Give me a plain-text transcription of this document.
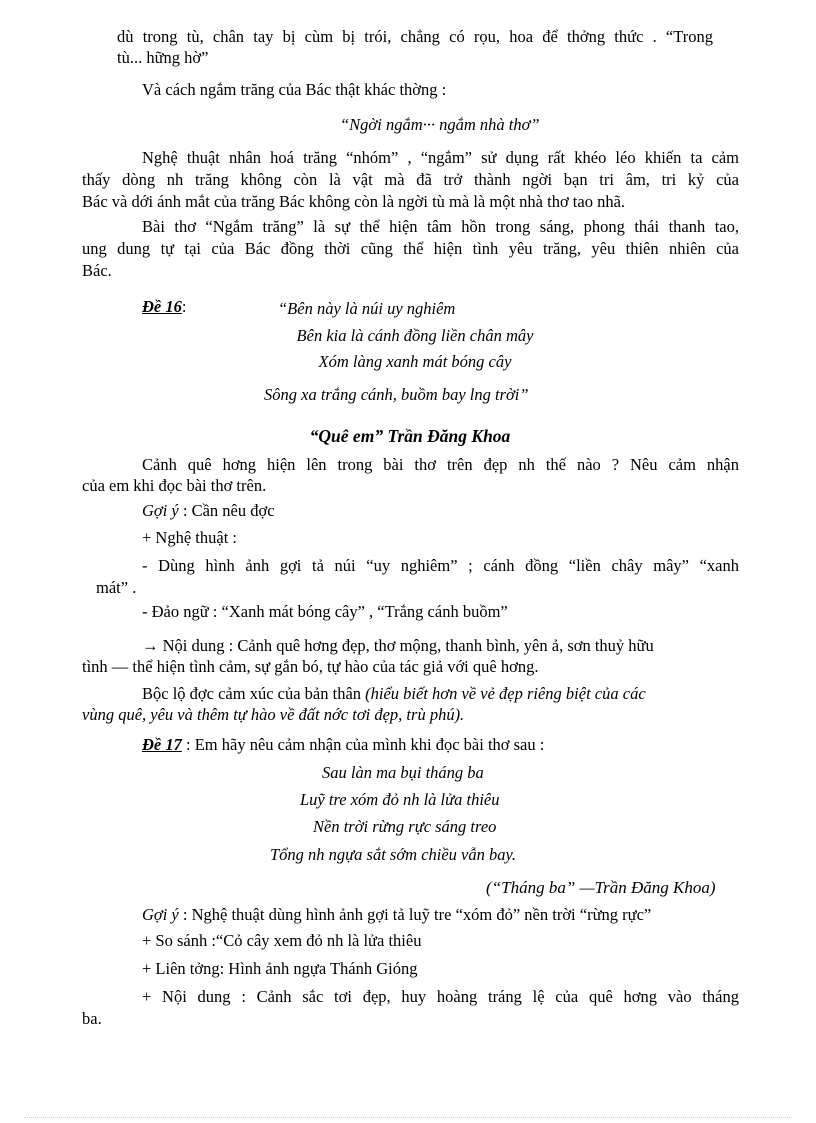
dù trong tù, chân tay bị cùm bị trói, chẳng có rọu, hoa để thởng thức . “Trong
tù... hững hờ”
Và cách ngắm trăng của Bác thật khác thờng :
“Ngời ngắm··· ngắm nhà thơ”
Nghệ thuật nhân hoá trăng “nhóm” , “ngắm” sử dụng rất khéo léo khiến ta cảm
thấy dòng nh trăng không còn là vật mà đã trở thành ngời bạn tri âm, tri kỷ của
Bác và dới ánh mắt của trăng Bác không còn là ngời tù mà là một nhà thơ tao nhã.
Bài thơ “Ngắm trăng” là sự thể hiện tâm hồn trong sáng, phong thái thanh tao,
ung dung tự tại của Bác đồng thời cũng thể hiện tình yêu trăng, yêu thiên nhiên của
Bác.
Đề 16:	“Bên này là núi uy nghiêm
Bên kia là cánh đồng liền chân mây
Xóm làng xanh mát bóng cây
Sông xa trắng cánh, buồm bay lng trời”
“Quê em” Trần Đăng Khoa
Cảnh quê hơng hiện lên trong bài thơ trên đẹp nh thế nào ? Nêu cảm nhận
của em khi đọc bài thơ trên.
Gợi ý : Cần nêu đợc
+ Nghệ thuật :
- Dùng hình ảnh gợi tả núi “uy nghiêm” ; cánh đồng “liền chây mây” “xanh
mát” .
- Đảo ngữ : “Xanh mát bóng cây” , “Trắng cánh buồm”
→ Nội dung : Cảnh quê hơng đẹp, thơ mộng, thanh bình, yên ả, sơn thuỷ hữu
tình — thể hiện tình cảm, sự gắn bó, tự hào của tác giả với quê hơng.
Bộc lộ đợc cảm xúc của bản thân (hiểu biết hơn về vẻ đẹp riêng biệt của các
vùng quê, yêu và thêm tự hào về đất nớc tơi đẹp, trù phú).
Đề 17 : Em hãy nêu cảm nhận của mình khi đọc bài thơ sau :
Sau làn ma bụi tháng ba
Luỹ tre xóm đỏ nh là lửa thiêu
Nền trời rừng rực sáng treo
Tổng nh ngựa sắt sớm chiều vẫn bay.
(“Tháng ba” —Trần Đăng Khoa)
Gợi ý : Nghệ thuật dùng hình ảnh gợi tả luỹ tre “xóm đỏ” nền trời “rừng rực”
+ So sánh :“Cỏ cây xem đỏ nh là lửa thiêu
+ Liên tởng: Hình ảnh ngựa Thánh Gióng
+ Nội dung : Cảnh sắc tơi đẹp, huy hoàng tráng lệ của quê hơng vào tháng
ba.
